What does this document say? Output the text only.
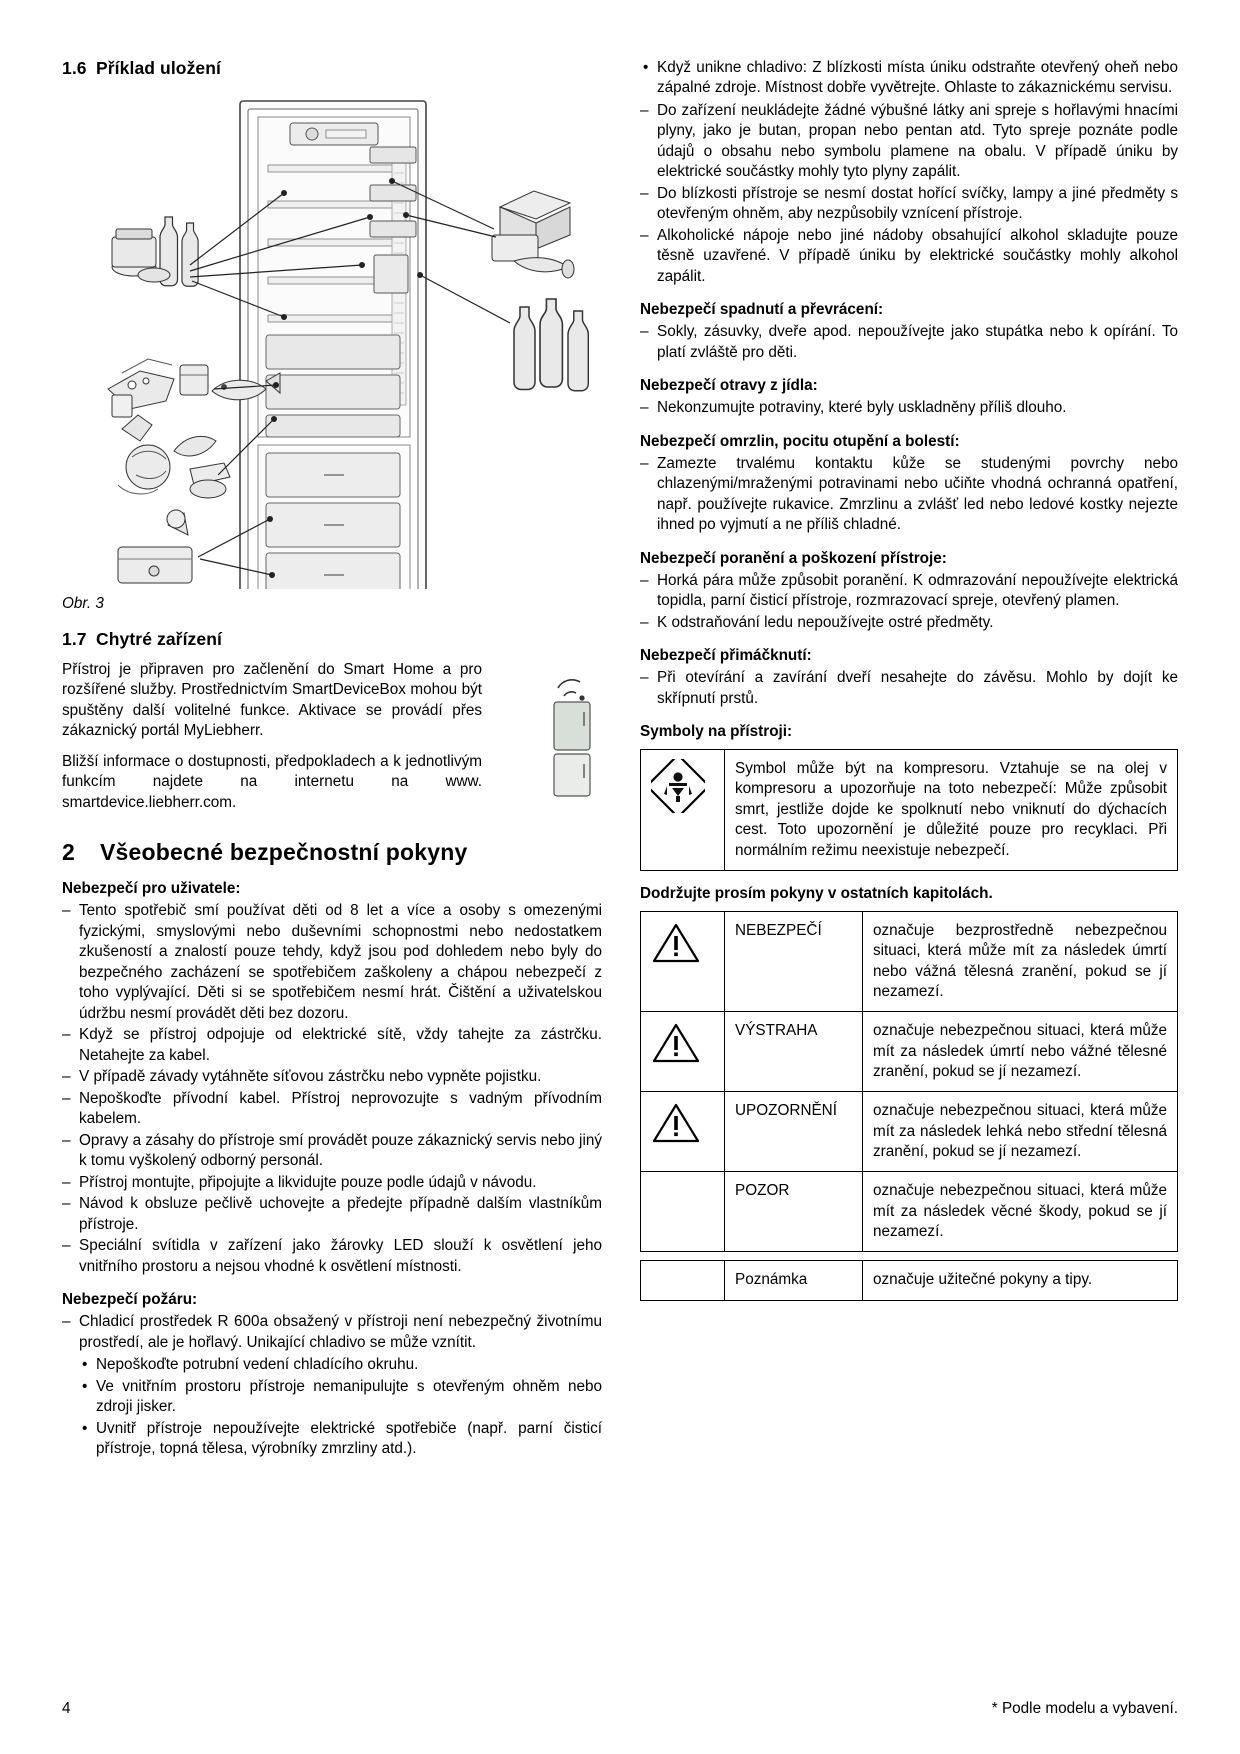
1.6 Příklad uložení
Obr. 3
1.7 Chytré zařízení

Přístroj je připraven pro začlenění do Smart Home a pro rozšířené služby. Prostřednictvím SmartDeviceBox mohou být spuštěny další volitelné funkce. Aktivace se provádí přes zákaznický portál MyLiebherr.

Bližší informace o dostupnosti, předpokladech a k jednotlivým funkcím najdete na internetu na www. smartdevice.liebherr.com.

2 Všeobecné bezpečnostní pokyny
Nebezpečí pro uživatele:
– Tento spotřebič smí používat děti od 8 let a více a osoby s omezenými fyzickými, smyslovými nebo duševními schopnostmi nebo nedostatkem zkušeností a znalostí pouze tehdy, když jsou pod dohledem nebo byly do bezpečného zacházení se spotřebičem zaškoleny a chápou nebezpečí z toho vyplývající. Děti si se spotřebičem nesmí hrát. Čištění a uživatelskou údržbu nesmí provádět děti bez dozoru.
– Když se přístroj odpojuje od elektrické sítě, vždy tahejte za zástrčku. Netahejte za kabel.
– V případě závady vytáhněte síťovou zástrčku nebo vypněte pojistku.
– Nepoškoďte přívodní kabel. Přístroj neprovozujte s vadným přívodním kabelem.
– Opravy a zásahy do přístroje smí provádět pouze zákaznický servis nebo jiný k tomu vyškolený odborný personál.
– Přístroj montujte, připojujte a likvidujte pouze podle údajů v návodu.
– Návod k obsluze pečlivě uchovejte a předejte případně dalším vlastníkům přístroje.
– Speciální svítidla v zařízení jako žárovky LED slouží k osvětlení jeho vnitřního prostoru a nejsou vhodné k osvětlení místnosti.
Nebezpečí požáru:
– Chladicí prostředek R 600a obsažený v přístroji není nebezpečný životnímu prostředí, ale je hořlavý. Unikající chladivo se může vznítit.
• Nepoškoďte potrubní vedení chladícího okruhu.
• Ve vnitřním prostoru přístroje nemanipulujte s otevřeným ohněm nebo zdroji jisker.
• Uvnitř přístroje nepoužívejte elektrické spotřebiče (např. parní čisticí přístroje, topná tělesa, výrobníky zmrzliny atd.).
• Když unikne chladivo: Z blízkosti místa úniku odstraňte otevřený oheň nebo zápalné zdroje. Místnost dobře vyvětrejte. Ohlaste to zákaznickému servisu.
– Do zařízení neukládejte žádné výbušné látky ani spreje s hořlavými hnacími plyny, jako je butan, propan nebo pentan atd. Tyto spreje poznáte podle údajů o obsahu nebo symbolu plamene na obalu. V případě úniku by elektrické součástky mohly tyto plyny zapálit.
– Do blízkosti přístroje se nesmí dostat hořící svíčky, lampy a jiné předměty s otevřeným ohněm, aby nezpůsobily vznícení přístroje.
– Alkoholické nápoje nebo jiné nádoby obsahující alkohol skladujte pouze těsně uzavřené. V případě úniku by elektrické součástky mohly alkohol zapálit.
Nebezpečí spadnutí a převrácení:
– Sokly, zásuvky, dveře apod. nepoužívejte jako stupátka nebo k opírání. To platí zvláště pro děti.
Nebezpečí otravy z jídla:
– Nekonzumujte potraviny, které byly uskladněny příliš dlouho.
Nebezpečí omrzlin, pocitu otupění a bolestí:
– Zamezte trvalému kontaktu kůže se studenými povrchy nebo chlazenými/mraženými potravinami nebo učiňte vhodná ochranná opatření, např. používejte rukavice. Zmrzlinu a zvlášť led nebo ledové kostky nejezte ihned po vyjmutí a ne příliš chladné.
Nebezpečí poranění a poškození přístroje:
– Horká pára může způsobit poranění. K odmrazování nepoužívejte elektrická topidla, parní čisticí přístroje, rozmrazovací spreje, otevřený plamen.
– K odstraňování ledu nepoužívejte ostré předměty.
Nebezpečí přimáčknutí:
– Při otevírání a zavírání dveří nesahejte do závěsu. Mohlo by dojít ke skřípnutí prstů.
Symboly na přístroji:
	Symbol může být na kompresoru. Vztahuje se na olej v kompresoru a upozorňuje na toto nebezpečí: Může způsobit smrt, jestliže dojde ke spolknutí nebo vniknutí do dýchacích cest. Toto upozornění je důležité pouze pro recyklaci. Při normálním režimu neexistuje nebezpečí.
Dodržujte prosím pokyny v ostatních kapitolách.
	NEBEZPEČÍ	označuje bezprostředně nebezpečnou situaci, která může mít za následek úmrtí nebo vážná tělesná zranění, pokud se jí nezamezí.
	VÝSTRAHA	označuje nebezpečnou situaci, která může mít za následek úmrtí nebo vážné tělesné zranění, pokud se jí nezamezí.
	UPOZORNĚNÍ	označuje nebezpečnou situaci, která může mít za následek lehká nebo střední tělesná zranění, pokud se jí nezamezí.
	POZOR	označuje nebezpečnou situaci, která může mít za následek věcné škody, pokud se jí nezamezí.
	Poznámka	označuje užitečné pokyny a tipy.
4	* Podle modelu a vybavení.
